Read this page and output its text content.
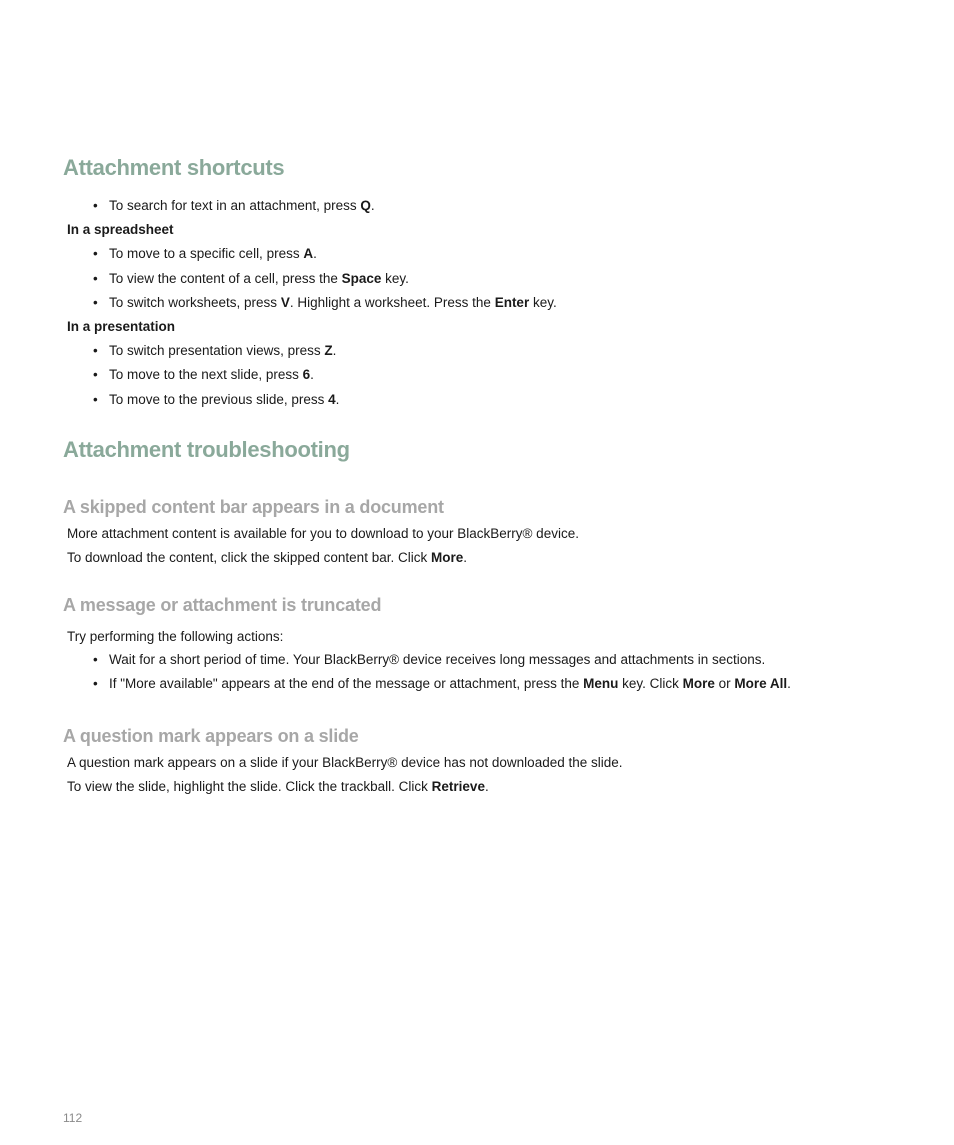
Attachment shortcuts
• To search for text in an attachment, press Q.
In a spreadsheet
• To move to a specific cell, press A.
• To view the content of a cell, press the Space key.
• To switch worksheets, press V. Highlight a worksheet. Press the Enter key.
In a presentation
• To switch presentation views, press Z.
• To move to the next slide, press 6.
• To move to the previous slide, press 4.
Attachment troubleshooting
A skipped content bar appears in a document
More attachment content is available for you to download to your BlackBerry® device.
To download the content, click the skipped content bar. Click More.
A message or attachment is truncated
Try performing the following actions:
• Wait for a short period of time. Your BlackBerry® device receives long messages and attachments in sections.
• If "More available" appears at the end of the message or attachment, press the Menu key. Click More or More All.
A question mark appears on a slide
A question mark appears on a slide if your BlackBerry® device has not downloaded the slide.
To view the slide, highlight the slide. Click the trackball. Click Retrieve.
112
